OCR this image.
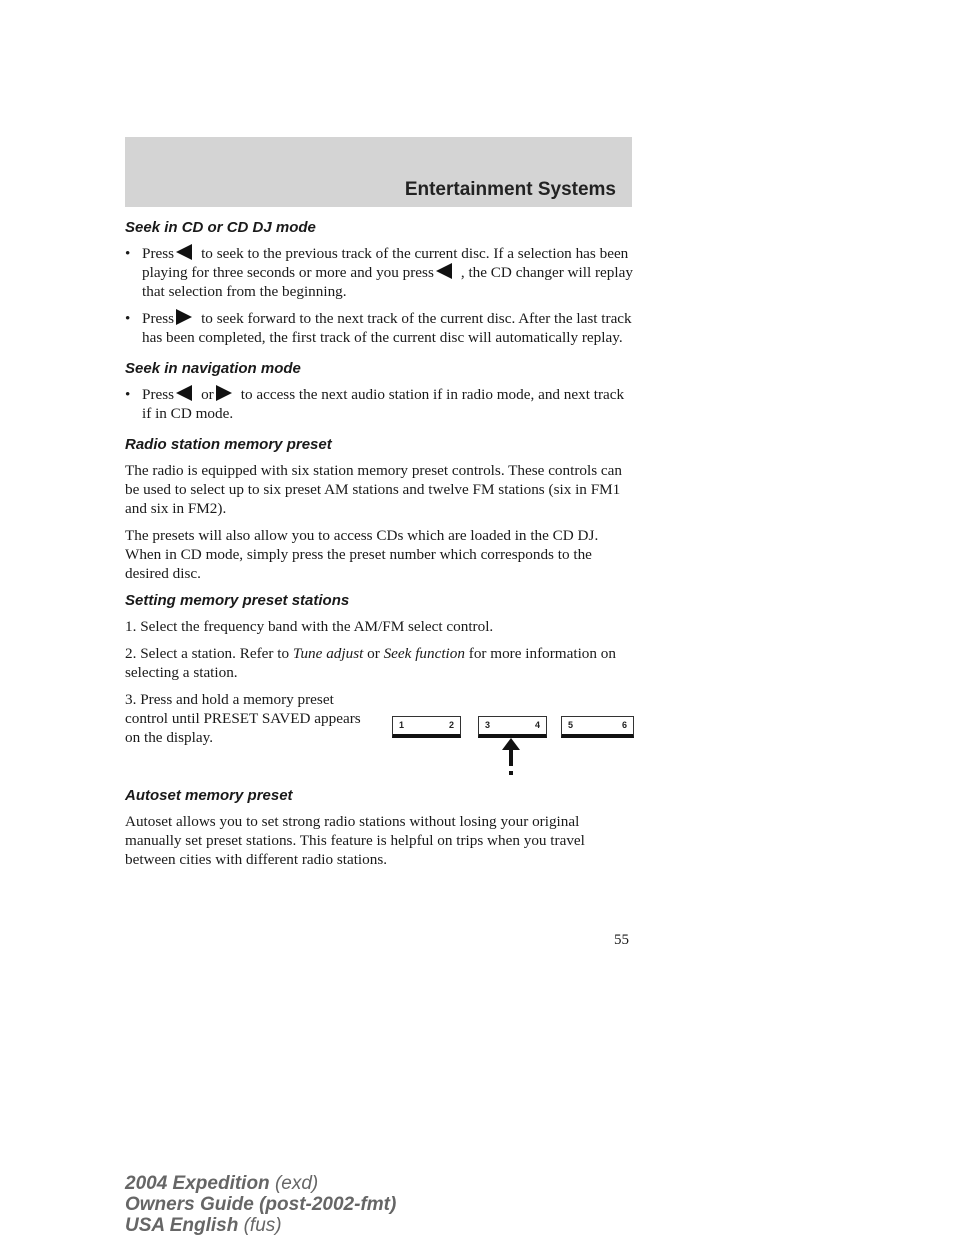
Entertainment Systems
Seek in CD or CD DJ mode
• Press to seek to the previous track of the current disc. If a selection has been playing for three seconds or more and you press , the CD changer will replay that selection from the beginning.
• Press to seek forward to the next track of the current disc. After the last track has been completed, the first track of the current disc will automatically replay.
Seek in navigation mode
• Press or to access the next audio station if in radio mode, and next track if in CD mode.
Radio station memory preset

The radio is equipped with six station memory preset controls. These controls can be used to select up to six preset AM stations and twelve FM stations (six in FM1 and six in FM2).

The presets will also allow you to access CDs which are loaded in the CD DJ. When in CD mode, simply press the preset number which corresponds to the desired disc.

Setting memory preset stations

1. Select the frequency band with the AM/FM select control.

2. Select a station. Refer to Tune adjust or Seek function for more information on selecting a station.

3. Press and hold a memory preset control until PRESET SAVED appears on the display.

Autoset memory preset

Autoset allows you to set strong radio stations without losing your original manually set preset stations. This feature is helpful on trips when you travel between cities with different radio stations.

1	2	3	4	5	6
55
2004 Expedition (exd)
Owners Guide (post-2002-fmt)
USA English (fus)
